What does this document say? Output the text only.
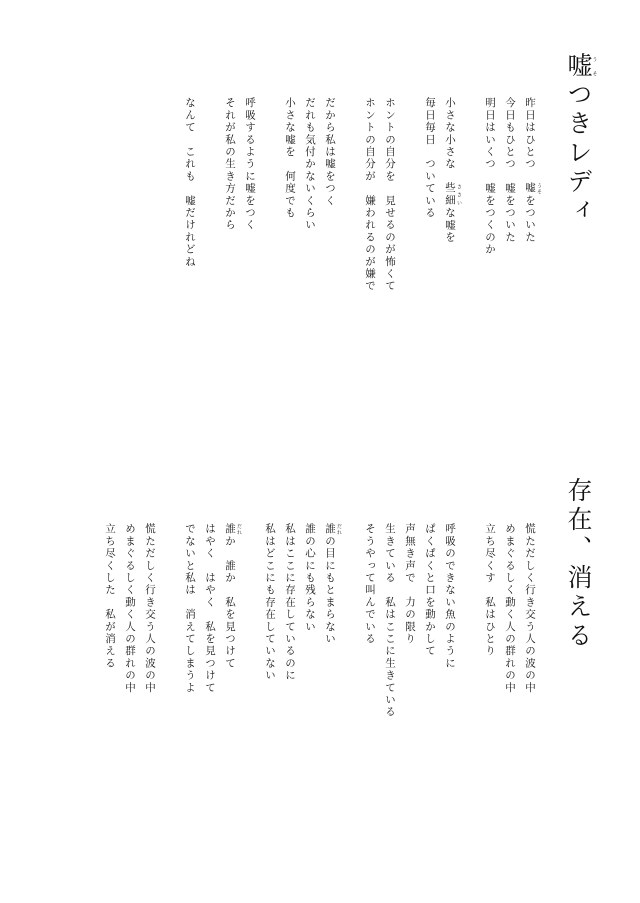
嘘うそつきレディ
昨日はひとつ　嘘 うそをついた
今日もひとつ　嘘をついた
明日はいくつ　嘘をつくのか
小さな小さな　些細 ささいな嘘を
毎日毎日　ついている
ホントの自分を　見せるのが怖くて
ホントの自分が　嫌われるのが嫌で
だから私は嘘をつく
だれも気付かないくらい
小さな嘘を　何度でも
呼吸するように嘘をつく
それが私の生き方だから
なんて　これも　嘘だけれどね
存在、消える
慌ただしく行き交う人の波の中
めまぐるしく動く人の群れの中
立ち尽くす　私はひとり
呼吸のできない魚のように
ぱくぱくと口を動かして
声無き声で　力の限り
生きている　私はここに生きている
そうやって叫んでいる
誰 だれの目にもとまらない
誰の心にも残らない
私はここに存在しているのに
私はどこにも存在していない
誰 だれか　誰か　私を見つけて
はやく　はやく　私を見つけて
でないと私は　消えてしまうよ
慌ただしく行き交う人の波の中
めまぐるしく動く人の群れの中
立ち尽くした　私が消える
